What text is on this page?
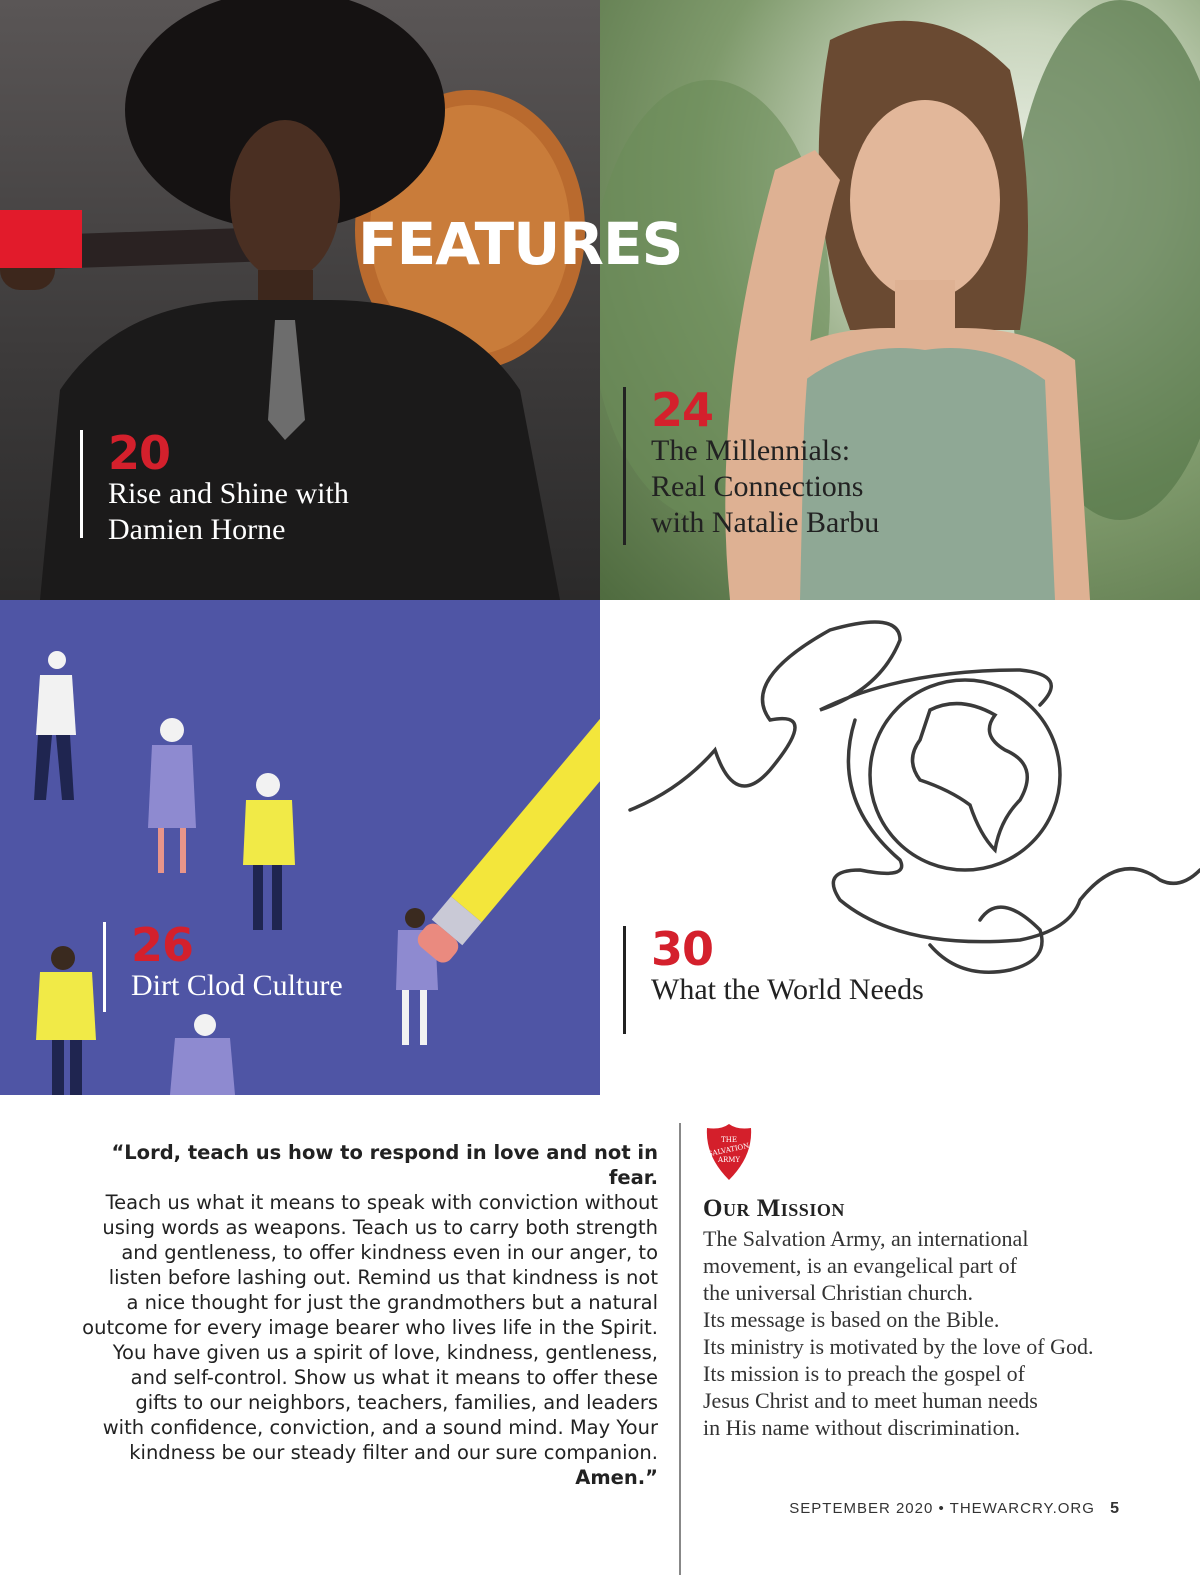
FEATURES
20
Rise and Shine with
Damien Horne
24
The Millennials:
Real Connections
with Natalie Barbu
26
Dirt Clod Culture
30
What the World Needs
“Lord, teach us how to respond in love and not in fear.
Teach us what it means to speak with conviction without
using words as weapons. Teach us to carry both strength
and gentleness, to offer kindness even in our anger, to
listen before lashing out. Remind us that kindness is not
a nice thought for just the grandmothers but a natural
outcome for every image bearer who lives life in the Spirit.
You have given us a spirit of love, kindness, gentleness,
and self-control. Show us what it means to offer these
gifts to our neighbors, teachers, families, and leaders
with confidence, conviction, and a sound mind. May Your
kindness be our steady filter and our sure companion.
Amen.”
THE
SALVATION
ARMY
Our Mission

The Salvation Army, an international
movement, is an evangelical part of
the universal Christian church.
Its message is based on the Bible.
Its ministry is motivated by the love of God.
Its mission is to preach the gospel of
Jesus Christ and to meet human needs
in His name without discrimination.

SEPTEMBER 2020 • THEWARCRY.ORG 5
